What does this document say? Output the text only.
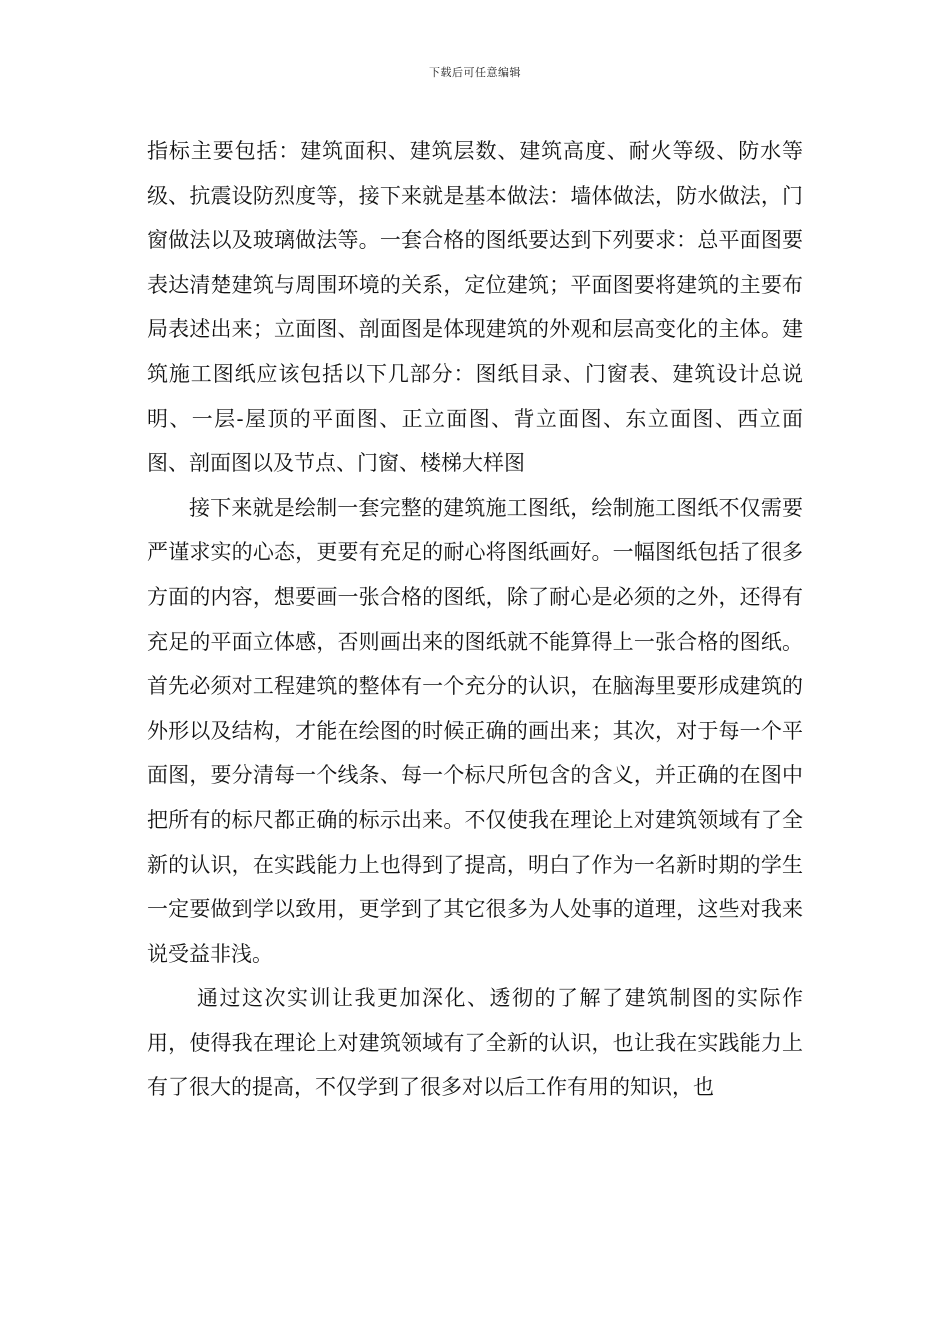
下载后可任意编辑

指标主要包括：建筑面积、建筑层数、建筑高度、耐火等级、防水等级、抗震设防烈度等，接下来就是基本做法：墙体做法，防水做法，门窗做法以及玻璃做法等。一套合格的图纸要达到下列要求：总平面图要表达清楚建筑与周围环境的关系，定位建筑；平面图要将建筑的主要布局表述出来；立面图、剖面图是体现建筑的外观和层高变化的主体。建筑施工图纸应该包括以下几部分：图纸目录、门窗表、建筑设计总说明、一层-屋顶的平面图、正立面图、背立面图、东立面图、西立面图、剖面图以及节点、门窗、楼梯大样图

接下来就是绘制一套完整的建筑施工图纸，绘制施工图纸不仅需要严谨求实的心态，更要有充足的耐心将图纸画好。一幅图纸包括了很多方面的内容，想要画一张合格的图纸，除了耐心是必须的之外，还得有充足的平面立体感，否则画出来的图纸就不能算得上一张合格的图纸。首先必须对工程建筑的整体有一个充分的认识，在脑海里要形成建筑的外形以及结构，才能在绘图的时候正确的画出来；其次，对于每一个平面图，要分清每一个线条、每一个标尺所包含的含义，并正确的在图中把所有的标尺都正确的标示出来。不仅使我在理论上对建筑领域有了全新的认识，在实践能力上也得到了提高，明白了作为一名新时期的学生一定要做到学以致用，更学到了其它很多为人处事的道理，这些对我来说受益非浅。

通过这次实训让我更加深化、透彻的了解了建筑制图的实际作用，使得我在理论上对建筑领域有了全新的认识，也让我在实践能力上有了很大的提高，不仅学到了很多对以后工作有用的知识，也
